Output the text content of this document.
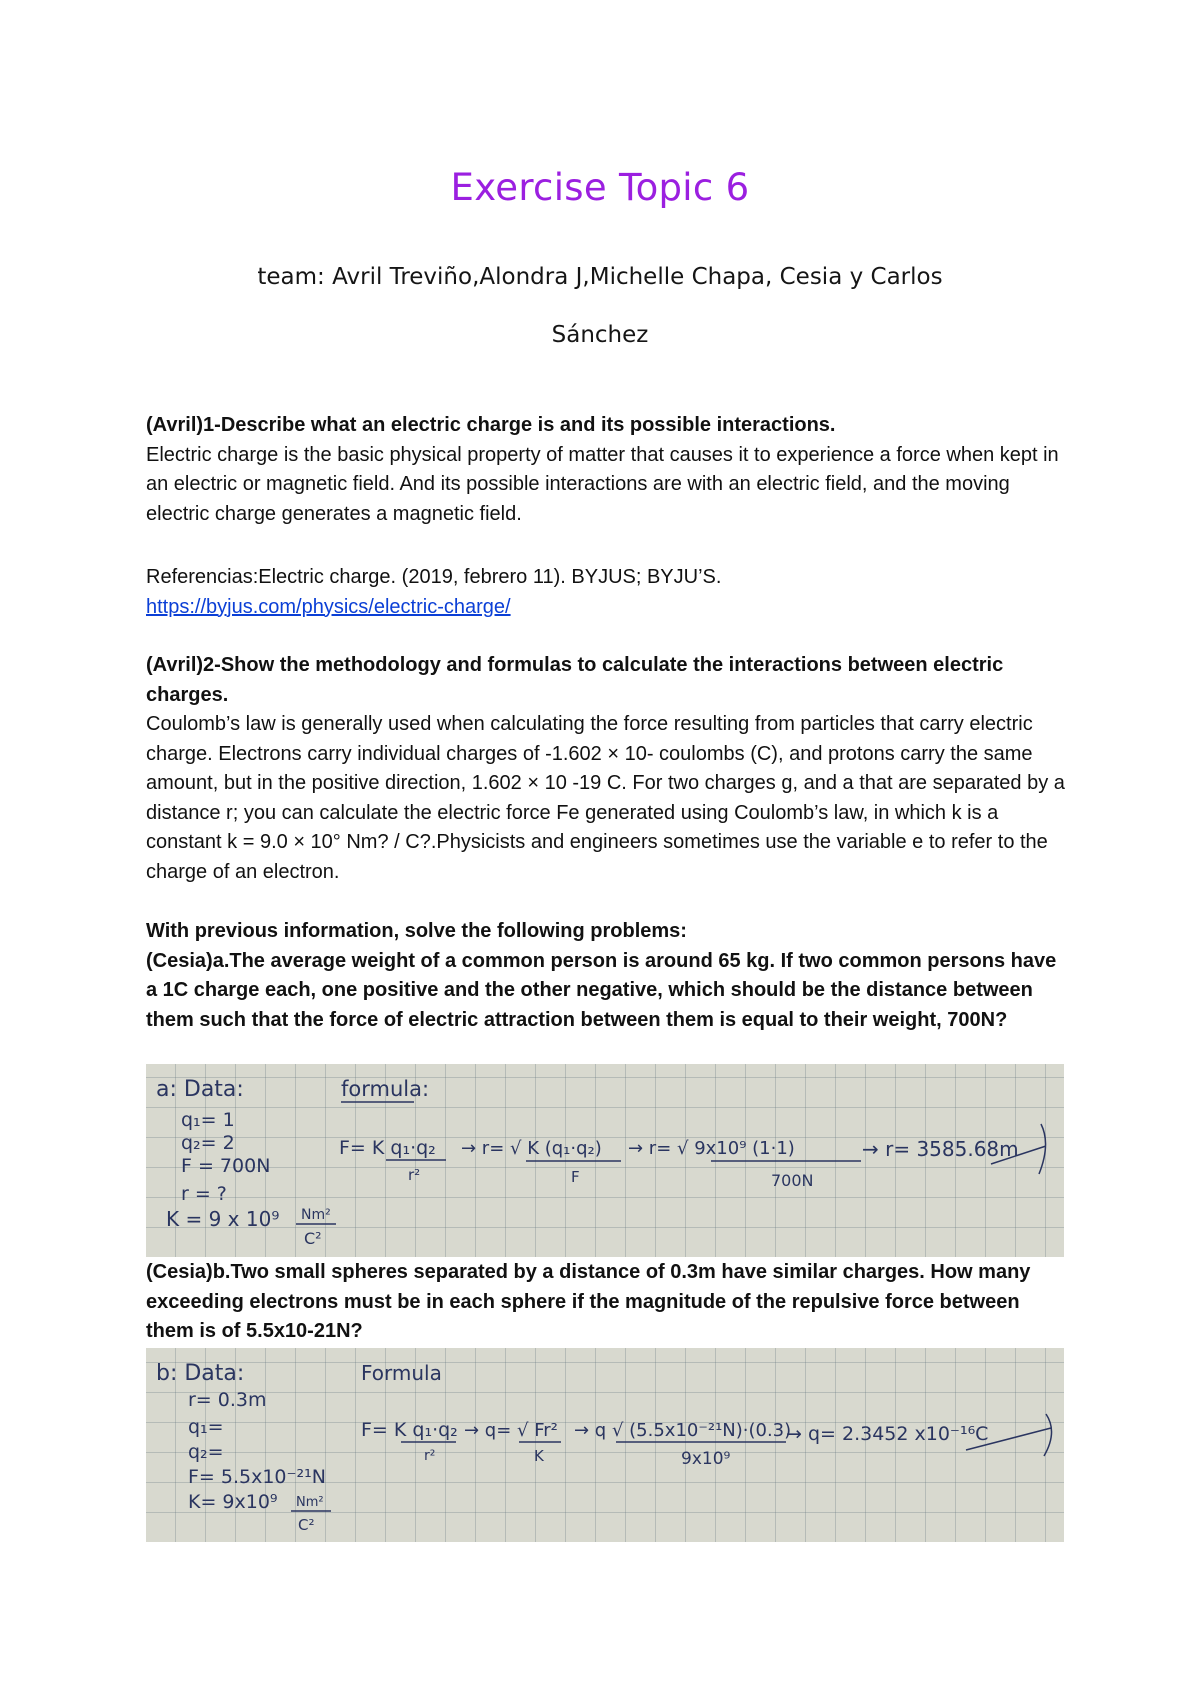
Exercise Topic 6
team: Avril Treviño,Alondra J,Michelle Chapa, Cesia y Carlos
Sánchez

(Avril)1-Describe what an electric charge is and its possible interactions.

Electric charge is the basic physical property of matter that causes it to experience a force when kept in an electric or magnetic field. And its possible interactions are with an electric field, and the moving electric charge generates a magnetic field.

Referencias:Electric charge. (2019, febrero 11). BYJUS; BYJU’S.

https://byjus.com/physics/electric-charge/

(Avril)2-Show the methodology and formulas to calculate the interactions between electric charges.

Coulomb’s law is generally used when calculating the force resulting from particles that carry electric charge. Electrons carry individual charges of -1.602 × 10- coulombs (C), and protons carry the same amount, but in the positive direction, 1.602 × 10 -19 C. For two charges g, and a that are separated by a distance r; you can calculate the electric force Fe generated using Coulomb’s law, in which k is a constant k = 9.0 × 10° Nm? / C?.Physicists and engineers sometimes use the variable e to refer to the charge of an electron.

With previous information, solve the following problems:

(Cesia)a.The average weight of a common person is around 65 kg. If two common persons have a 1C charge each, one positive and the other negative, which should be the distance between them such that the force of electric attraction between them is equal to their weight, 700N?

a: Data:	formula:
q₁= 1
q₂= 2
F = 700N
r = ?
K = 9 x 10⁹ Nm²
C²
F= K q₁·q₂
r²
→ r= √ K (q₁·q₂)
F
→ r= √ 9x10⁹ (1·1)
700N
→ r= 3585.68m

(Cesia)b.Two small spheres separated by a distance of 0.3m have similar charges. How many exceeding electrons must be in each sphere if the magnitude of the repulsive force between them is of 5.5x10-21N?

b: Data:	Formula
r= 0.3m
q₁=
q₂=
F= 5.5x10⁻²¹N
K= 9x10⁹ Nm²
C²
F= K q₁·q₂
r²
→ q= √ Fr²
K
→ q √ (5.5x10⁻²¹N)·(0.3)
9x10⁹
→ q= 2.3452 x10⁻¹⁶C
